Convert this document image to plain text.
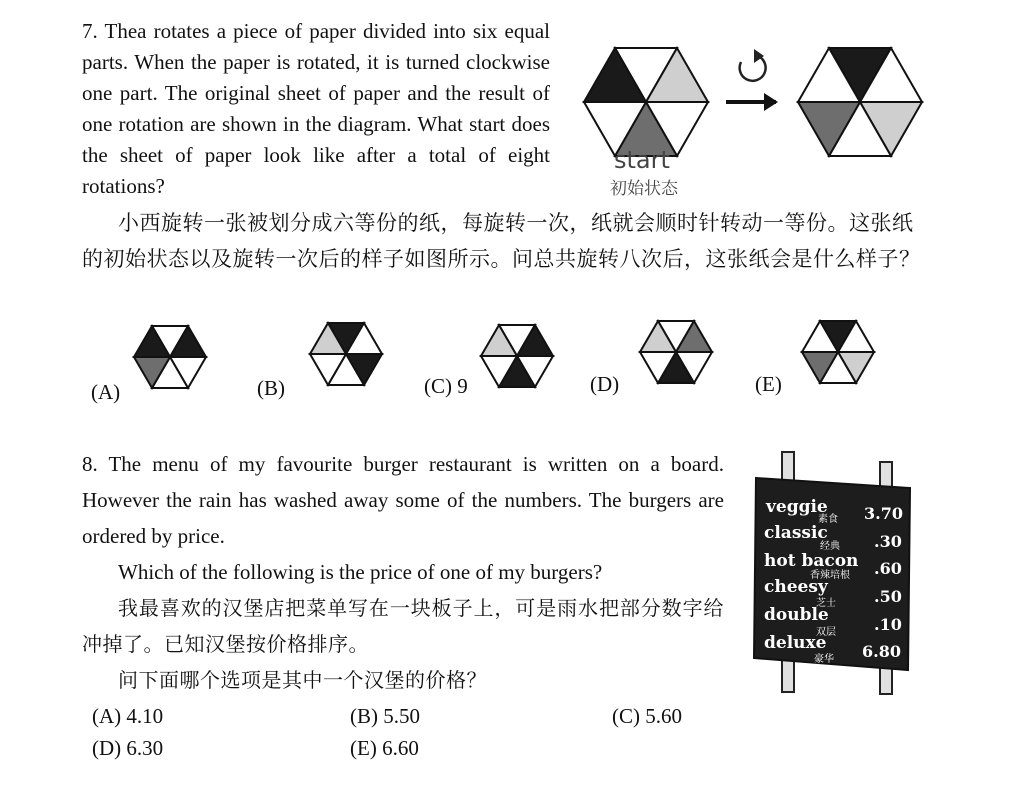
7. Thea rotates a piece of paper divided into six equal parts. When the paper is rotated, it is turned clockwise one part. The original sheet of paper and the result of one rotation are shown in the diagram. What start does the sheet of paper look like after a total of eight rotations?
start
初始状态
小西旋转一张被划分成六等份的纸，每旋转一次，纸就会顺时针转动一等份。这张纸的初始状态以及旋转一次后的样子如图所示。问总共旋转八次后，这张纸会是什么样子？
(A)	(B)	(C) 9	(D)	(E)
8. The menu of my favourite burger restaurant is written on a board. However the rain has washed away some of the numbers. The burgers are ordered by price.
Which of the following is the price of one of my burgers?
我最喜欢的汉堡店把菜单写在一块板子上，可是雨水把部分数字给冲掉了。已知汉堡按价格排序。
问下面哪个选项是其中一个汉堡的价格？
veggie
素食 3.70
classic
经典 .30
hot bacon
香辣培根 .60
cheesy
芝士 .50
double
双层 .10
deluxe
豪华 6.80
(A) 4.10	(B) 5.50	(C) 5.60
(D) 6.30	(E) 6.60
